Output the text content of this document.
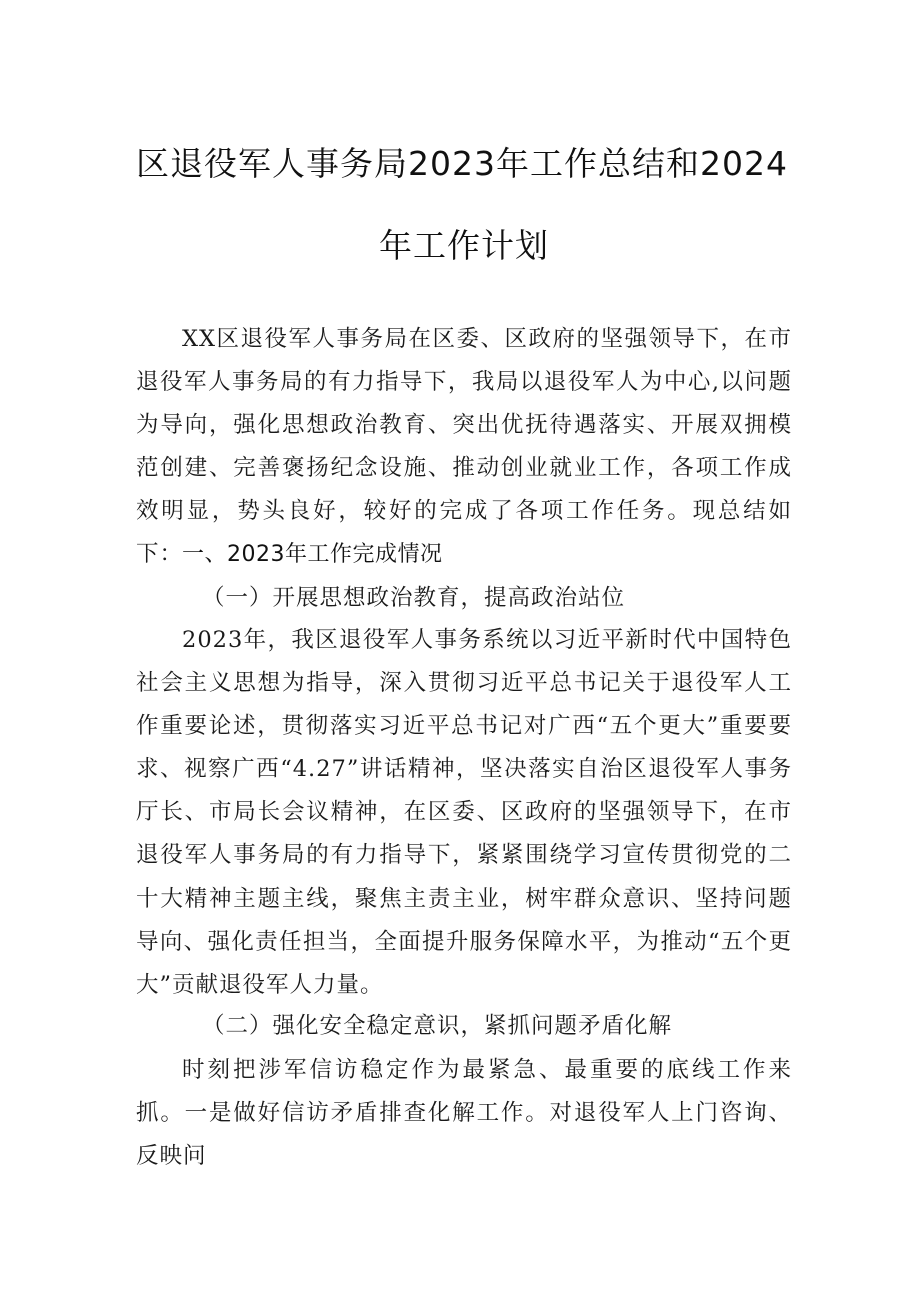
区退役军人事务局2023年工作总结和2024
年工作计划

XX区退役军人事务局在区委、区政府的坚强领导下，在市退役军人事务局的有力指导下，我局以退役军人为中心,以问题为导向，强化思想政治教育、突出优抚待遇落实、开展双拥模范创建、完善褒扬纪念设施、推动创业就业工作，各项工作成效明显，势头良好，较好的完成了各项工作任务。现总结如下：

一、2023年工作完成情况
（一）开展思想政治教育，提高政治站位

2023年，我区退役军人事务系统以习近平新时代中国特色社会主义思想为指导，深入贯彻习近平总书记关于退役军人工作重要论述，贯彻落实习近平总书记对广西“五个更大”重要要求、视察广西“4.27”讲话精神，坚决落实自治区退役军人事务厅长、市局长会议精神，在区委、区政府的坚强领导下，在市退役军人事务局的有力指导下，紧紧围绕学习宣传贯彻党的二十大精神主题主线，聚焦主责主业，树牢群众意识、坚持问题导向、强化责任担当，全面提升服务保障水平，为推动“五个更大”贡献退役军人力量。

（二）强化安全稳定意识，紧抓问题矛盾化解

时刻把涉军信访稳定作为最紧急、最重要的底线工作来抓。一是做好信访矛盾排查化解工作。对退役军人上门咨询、反映问
